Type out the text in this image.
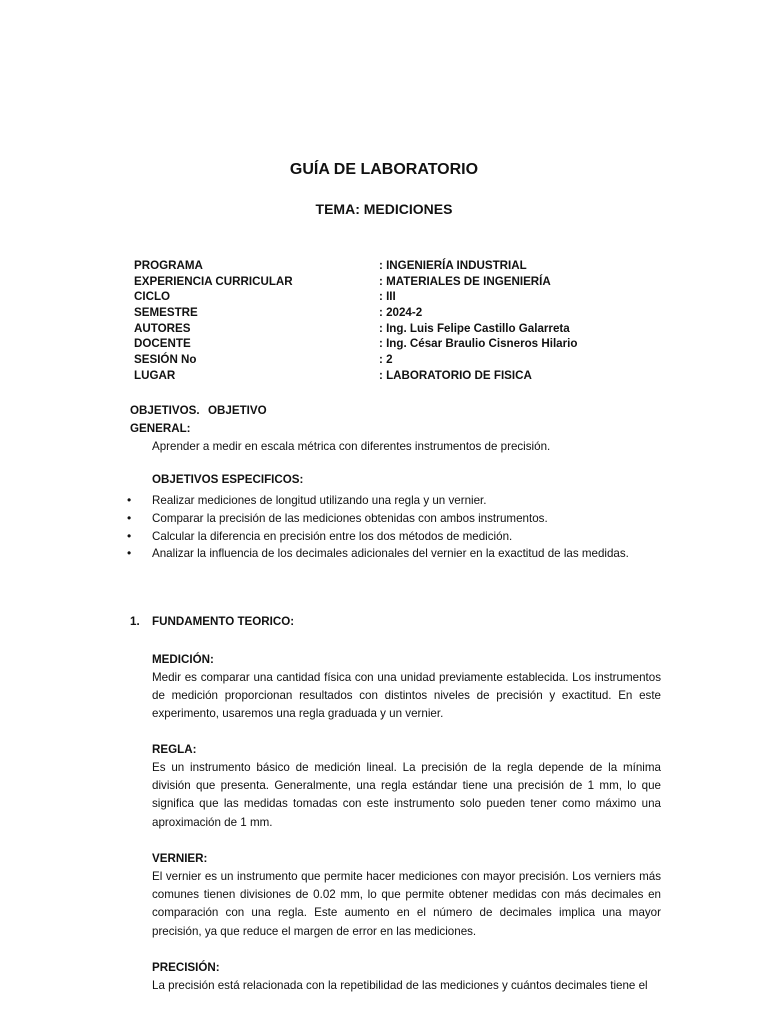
GUÍA DE LABORATORIO
TEMA: MEDICIONES
PROGRAMA	: INGENIERÍA INDUSTRIAL
EXPERIENCIA CURRICULAR	: MATERIALES DE INGENIERÍA
CICLO	: III
SEMESTRE	: 2024-2
AUTORES	: Ing. Luis Felipe Castillo Galarreta
DOCENTE	: Ing. César Braulio Cisneros Hilario
SESIÓN No	: 2
LUGAR	: LABORATORIO DE FISICA
OBJETIVOS. OBJETIVO
GENERAL:
Aprender a medir en escala métrica con diferentes instrumentos de precisión.
OBJETIVOS ESPECIFICOS:
• Realizar mediciones de longitud utilizando una regla y un vernier.
• Comparar la precisión de las mediciones obtenidas con ambos instrumentos.
• Calcular la diferencia en precisión entre los dos métodos de medición.
• Analizar la influencia de los decimales adicionales del vernier en la exactitud de las medidas.
1. FUNDAMENTO TEORICO:
MEDICIÓN:
Medir es comparar una cantidad física con una unidad previamente establecida. Los instrumentos de medición proporcionan resultados con distintos niveles de precisión y exactitud. En este experimento, usaremos una regla graduada y un vernier.
REGLA:
Es un instrumento básico de medición lineal. La precisión de la regla depende de la mínima división que presenta. Generalmente, una regla estándar tiene una precisión de 1 mm, lo que significa que las medidas tomadas con este instrumento solo pueden tener como máximo una aproximación de 1 mm.
VERNIER:
El vernier es un instrumento que permite hacer mediciones con mayor precisión. Los verniers más comunes tienen divisiones de 0.02 mm, lo que permite obtener medidas con más decimales en comparación con una regla. Este aumento en el número de decimales implica una mayor precisión, ya que reduce el margen de error en las mediciones.
PRECISIÓN:
La precisión está relacionada con la repetibilidad de las mediciones y cuántos decimales tiene el
